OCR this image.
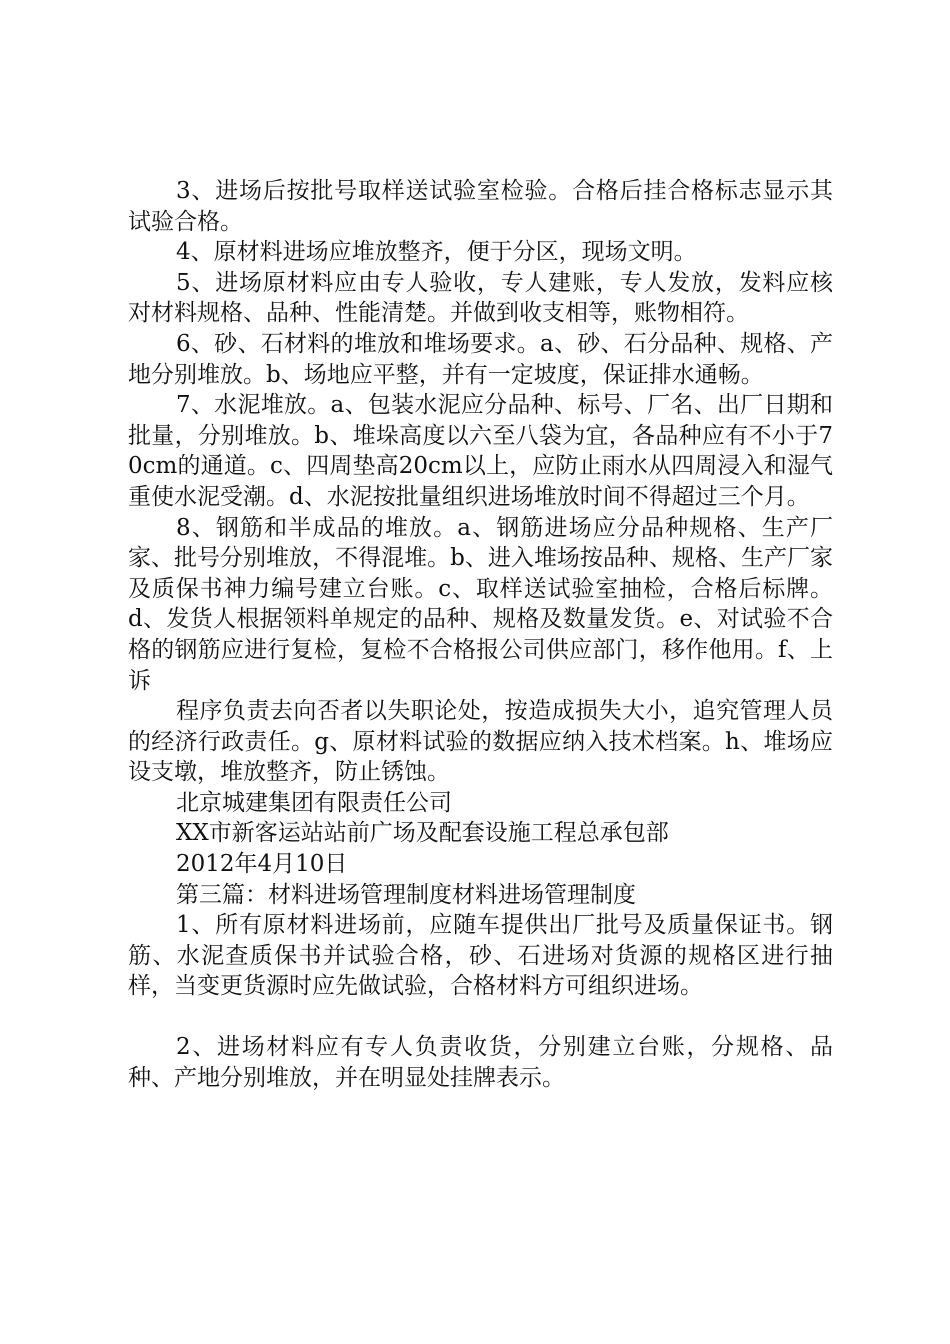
3、进场后按批号取样送试验室检验。合格后挂合格标志显示其试验合格。

4、原材料进场应堆放整齐，便于分区，现场文明。

5、进场原材料应由专人验收，专人建账，专人发放，发料应核对材料规格、品种、性能清楚。并做到收支相等，账物相符。

6、砂、石材料的堆放和堆场要求。a、砂、石分品种、规格、产地分别堆放。b、场地应平整，并有一定坡度，保证排水通畅。

7、水泥堆放。a、包装水泥应分品种、标号、厂名、出厂日期和批量，分别堆放。b、堆垛高度以六至八袋为宜，各品种应有不小于70cm的通道。c、四周垫高20cm以上，应防止雨水从四周浸入和湿气重使水泥受潮。d、水泥按批量组织进场堆放时间不得超过三个月。

8、钢筋和半成品的堆放。a、钢筋进场应分品种规格、生产厂家、批号分别堆放，不得混堆。b、进入堆场按品种、规格、生产厂家及质保书神力编号建立台账。c、取样送试验室抽检，合格后标牌。d、发货人根据领料单规定的品种、规格及数量发货。e、对试验不合格的钢筋应进行复检，复检不合格报公司供应部门，移作他用。f、上诉

程序负责去向否者以失职论处，按造成损失大小，追究管理人员的经济行政责任。g、原材料试验的数据应纳入技术档案。h、堆场应设支墩，堆放整齐，防止锈蚀。

北京城建集团有限责任公司

XX市新客运站站前广场及配套设施工程总承包部

2012年4月10日

第三篇：材料进场管理制度材料进场管理制度

1、所有原材料进场前，应随车提供出厂批号及质量保证书。钢筋、水泥查质保书并试验合格，砂、石进场对货源的规格区进行抽样，当变更货源时应先做试验，合格材料方可组织进场。

2、进场材料应有专人负责收货，分别建立台账，分规格、品种、产地分别堆放，并在明显处挂牌表示。
